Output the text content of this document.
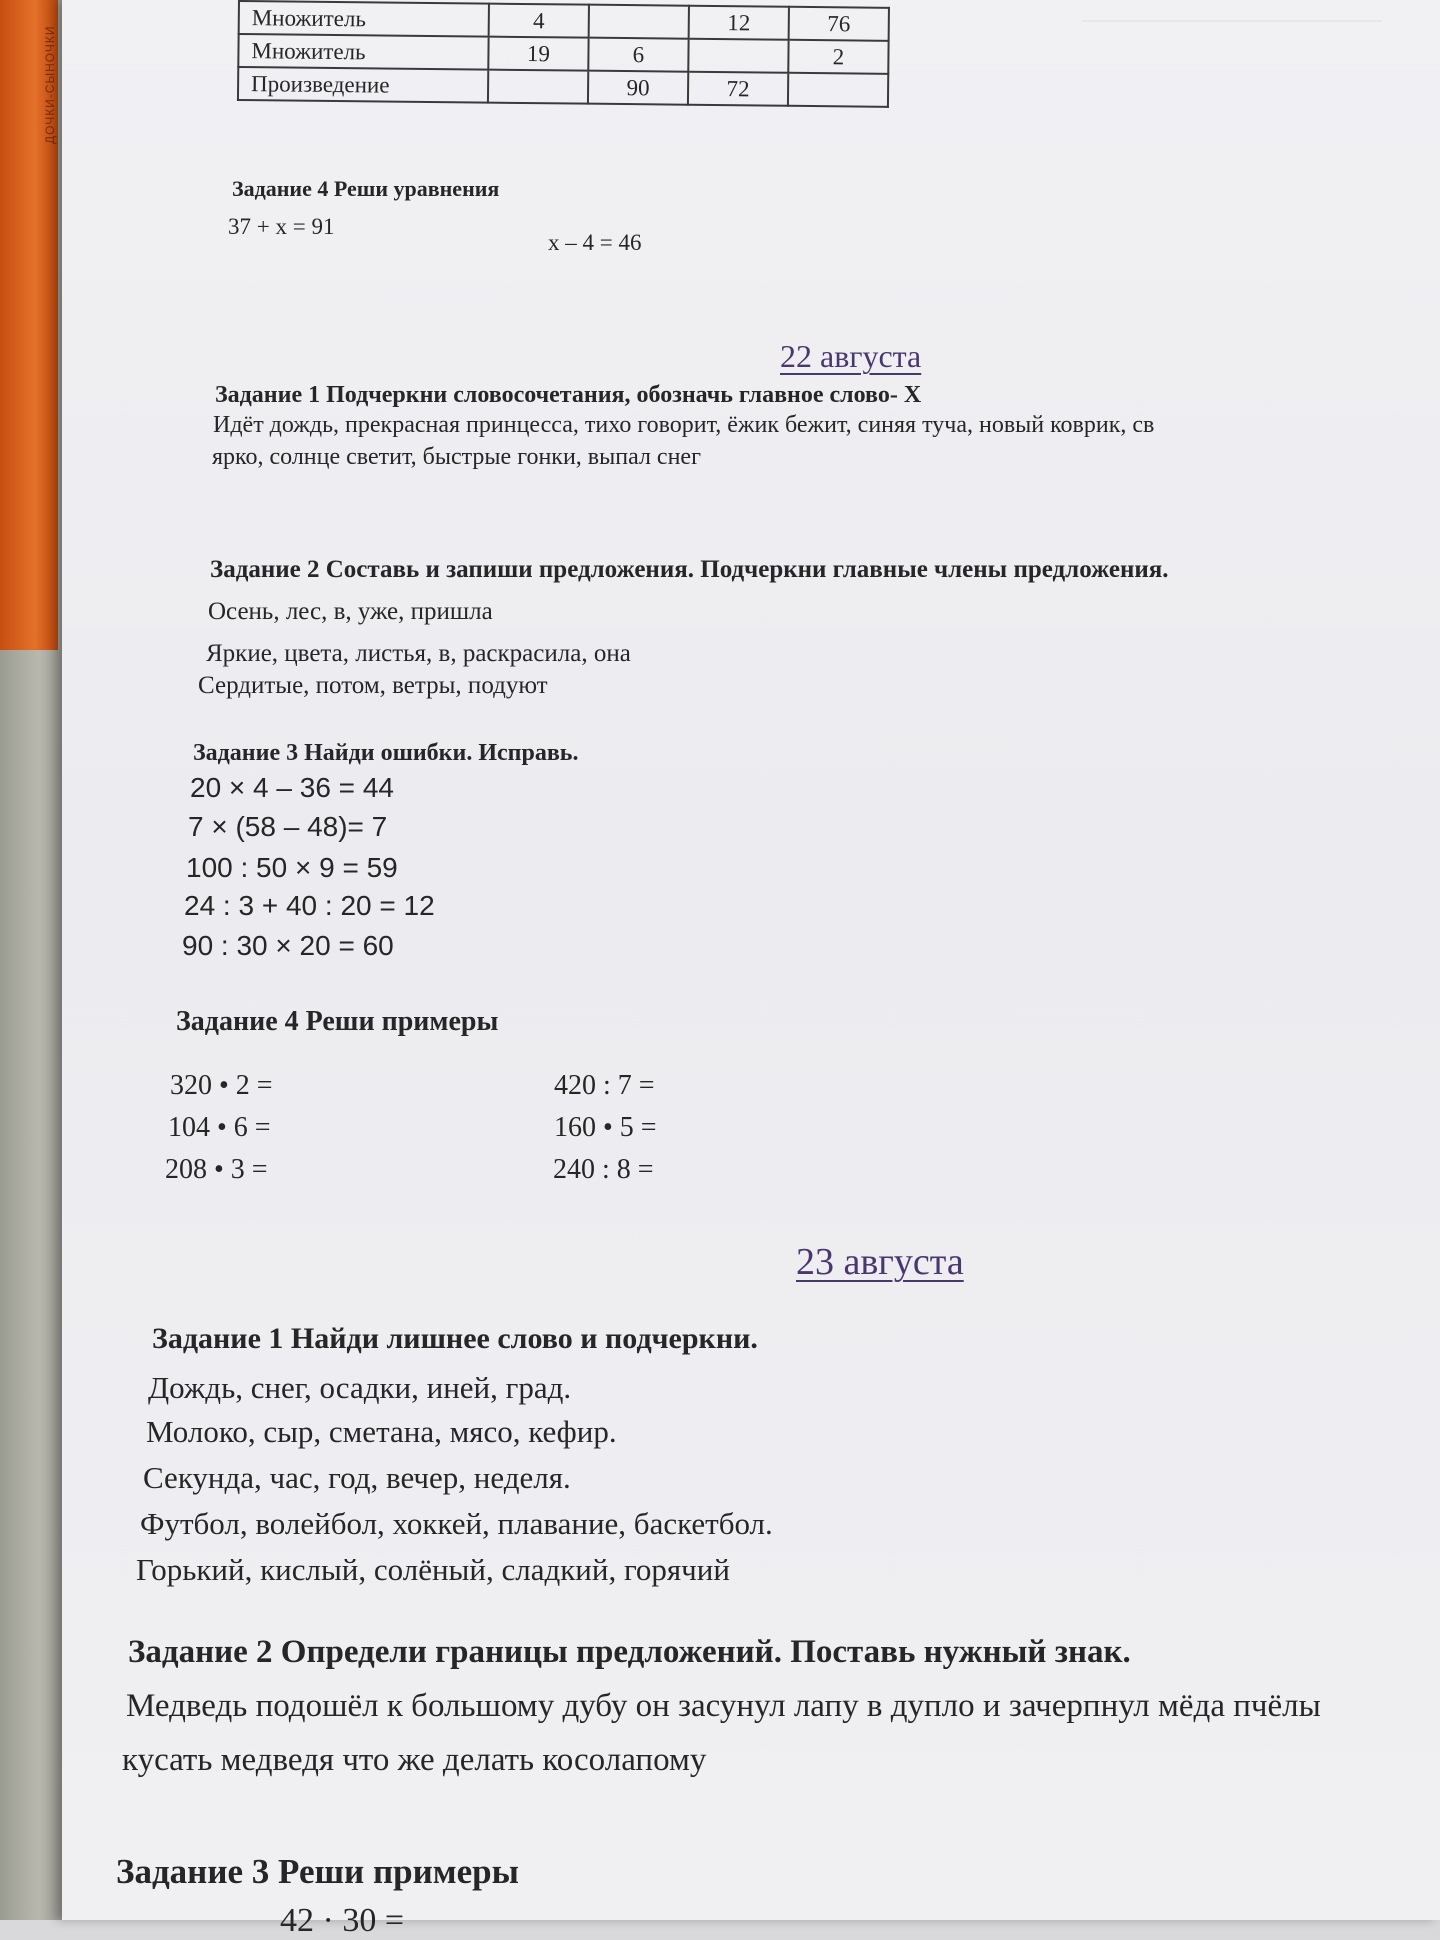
ДОЧКИ-СЫНОЧКИ
Множитель	4		12	76
Множитель	19	6		2
Произведение		90	72	
Задание 4 Реши уравнения
37 + x = 91
x – 4 = 46
22 августа
Задание 1 Подчеркни словосочетания, обозначь главное слово- Х
Идёт дождь, прекрасная принцесса, тихо говорит, ёжик бежит, синяя туча, новый коврик, св
ярко, солнце светит, быстрые гонки, выпал снег
Задание 2 Составь и запиши предложения. Подчеркни главные члены предложения.
Осень, лес, в, уже, пришла
Яркие, цвета, листья, в, раскрасила, она
Сердитые, потом, ветры, подуют
Задание 3 Найди ошибки. Исправь.
20 × 4 – 36 = 44
7 × (58 – 48)= 7
100 : 50 × 9 = 59
24 : 3 + 40 : 20 = 12
90 : 30 × 20 = 60
Задание 4 Реши примеры
320 • 2 =
104 • 6 =
208 • 3 =
420 : 7 =
160 • 5 =
240 : 8 =
23 августа
Задание 1 Найди лишнее слово и подчеркни.
Дождь, снег, осадки, иней, град.
Молоко, сыр, сметана, мясо, кефир.
Секунда, час, год, вечер, неделя.
Футбол, волейбол, хоккей, плавание, баскетбол.
Горький, кислый, солёный, сладкий, горячий
Задание 2 Определи границы предложений. Поставь нужный знак.
Медведь подошёл к большому дубу он засунул лапу в дупло и зачерпнул мёда пчёлы
кусать медведя что же делать косолапому
Задание 3 Реши примеры
42 · 30 =
